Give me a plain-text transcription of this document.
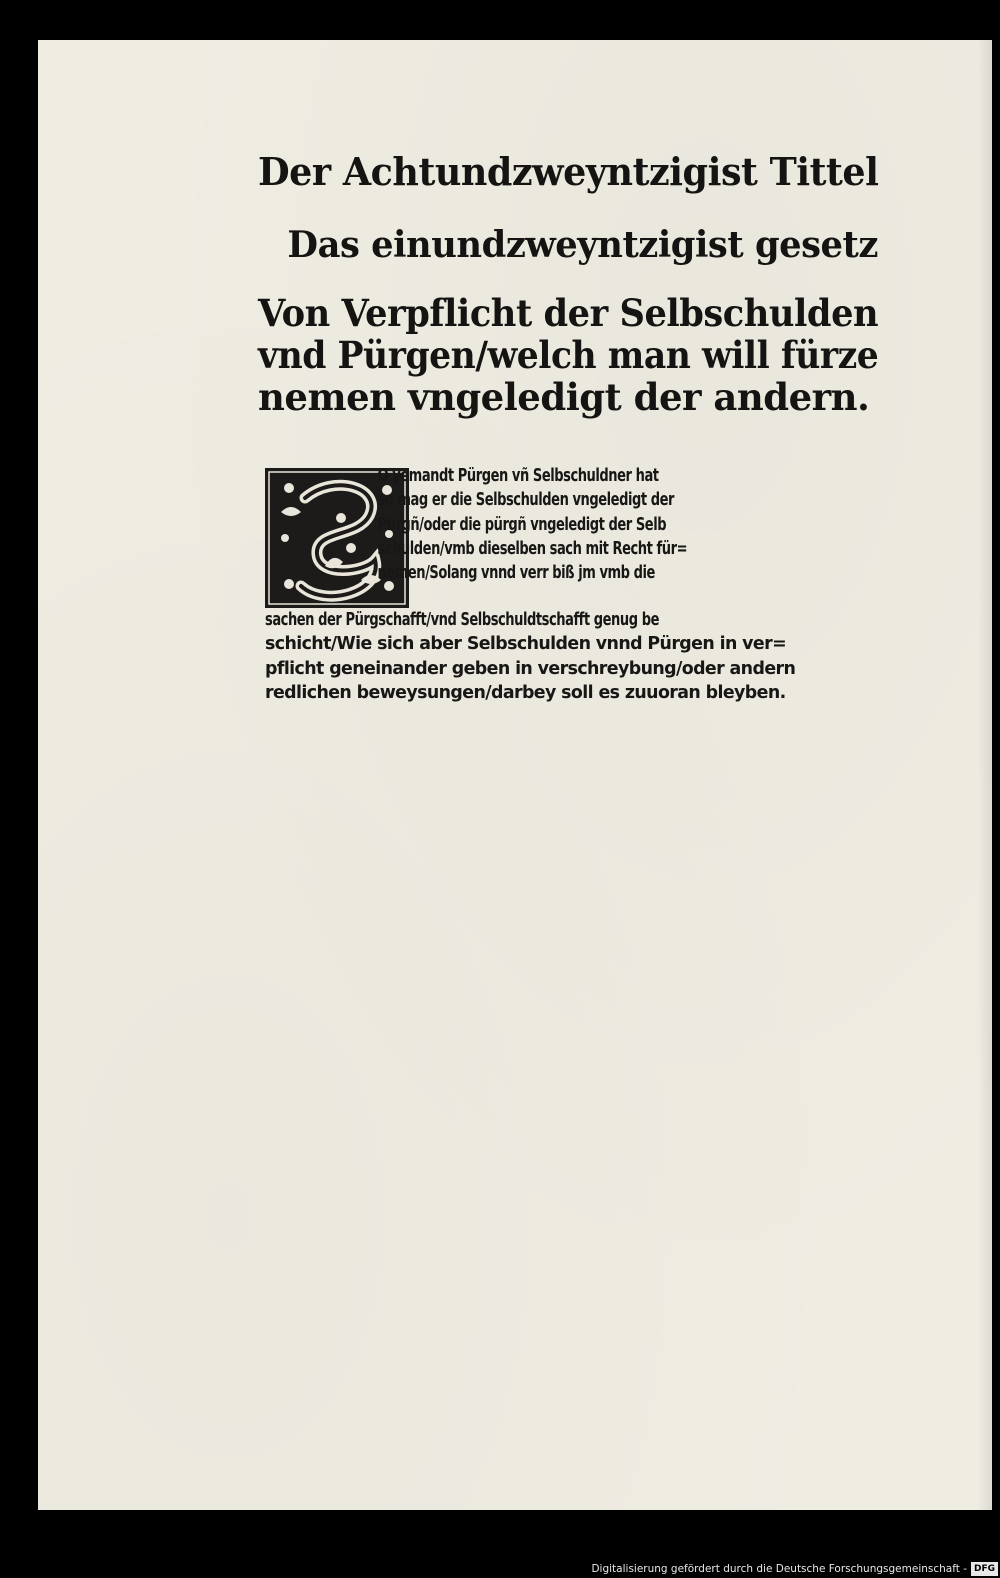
Der Achtundzweyntzigist Tittel

Das einundzweyntzigist gesetz

Von Verpflicht der Selbschulden

vnd Pürgen/welch man will fürze

nemen vngeledigt der andern.

O yemandt Pürgen vñ Selbschuldner hat
so mag er die Selbschulden vngeledigt der
Pürgñ/oder die pürgñ vngeledigt der Selb
schulden/vmb dieselben sach mit Recht für=
nemen/Solang vnnd verr biß jm vmb die
sachen der Pürgschafft/vnd Selbschuldtschafft genug be
schicht/Wie sich aber Selbschulden vnnd Pürgen in ver=
pflicht geneinander geben in verschreybung/oder andern
redlichen beweysungen/darbey soll es zuuoran bleyben.
Digitalisierung gefördert durch die Deutsche Forschungsgemeinschaft - DFG
